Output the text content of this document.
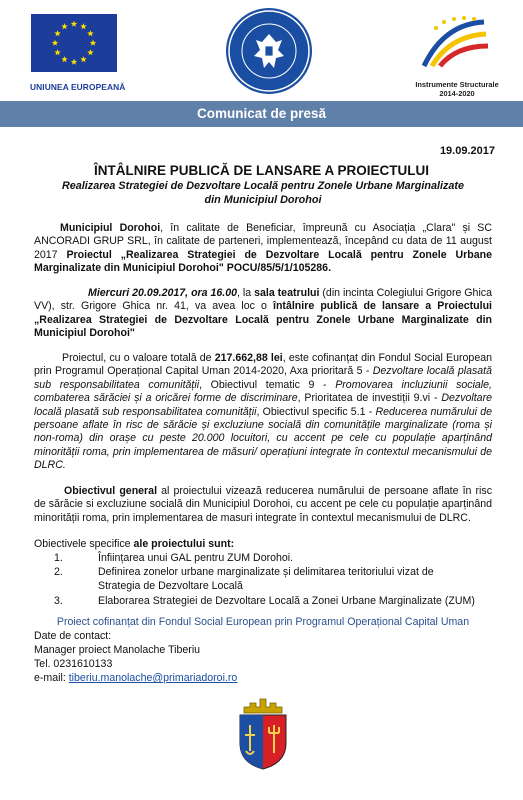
UNIUNEA EUROPEANĂ	Instrumente Structurale
2014-2020
Comunicat de presă
19.09.2017
ÎNTÂLNIRE PUBLICĂ DE LANSARE A PROIECTULUI
Realizarea Strategiei de Dezvoltare Locală pentru Zonele Urbane Marginalizate din Municipiul Dorohoi
Municipiul Dorohoi, în calitate de Beneficiar, împreună cu Asociația „Clara" și SC ANCORADI GRUP SRL, în calitate de parteneri, implementează, începând cu data de 11 august 2017 Proiectul „Realizarea Strategiei de Dezvoltare Locală pentru Zonele Urbane Marginalizate din Municipiul Dorohoi" POCU/85/5/1/105286.
Miercuri 20.09.2017, ora 16.00, la sala teatrului (din incinta Colegiului Grigore Ghica VV), str. Grigore Ghica nr. 41, va avea loc o întâlnire publică de lansare a Proiectului „Realizarea Strategiei de Dezvoltare Locală pentru Zonele Urbane Marginalizate din Municipiul Dorohoi"
Proiectul, cu o valoare totală de 217.662,88 lei, este cofinanțat din Fondul Social European prin Programul Operațional Capital Uman 2014-2020, Axa prioritară 5 - Dezvoltare locală plasată sub responsabilitatea comunității, Obiectivul tematic 9 - Promovarea incluziunii sociale, combaterea sărăciei și a oricărei forme de discriminare, Prioritatea de investiții 9.vi - Dezvoltare locală plasată sub responsabilitatea comunității, Obiectivul specific 5.1 - Reducerea numărului de persoane aflate în risc de sărăcie și excluziune socială din comunitățile marginalizate (roma și non-roma) din orașe cu peste 20.000 locuitori, cu accent pe cele cu populație aparținând minorității roma, prin implementarea de măsuri/ operațiuni integrate în contextul mecanismului de DLRC.
Obiectivul general al proiectului vizează reducerea numărului de persoane aflate în risc de sărăcie si excluziune socială din Municipiul Dorohoi, cu accent pe cele cu populație aparținând minorității roma, prin implementarea de masuri integrate în contextul mecanismului de DLRC.
Obiectivele specifice ale proiectului sunt:
1.	Înființarea unui GAL pentru ZUM Dorohoi.
2.	Definirea zonelor urbane marginalizate și delimitarea teritoriului vizat de
Strategia de Dezvoltare Locală
3.	Elaborarea Strategiei de Dezvoltare Locală a Zonei Urbane Marginalizate (ZUM)
Proiect cofinanțat din Fondul Social European prin Programul Operațional Capital Uman
Date de contact:
Manager proiect Manolache Tiberiu
Tel. 0231610133
e-mail: tiberiu.manolache@primariadoroi.ro
